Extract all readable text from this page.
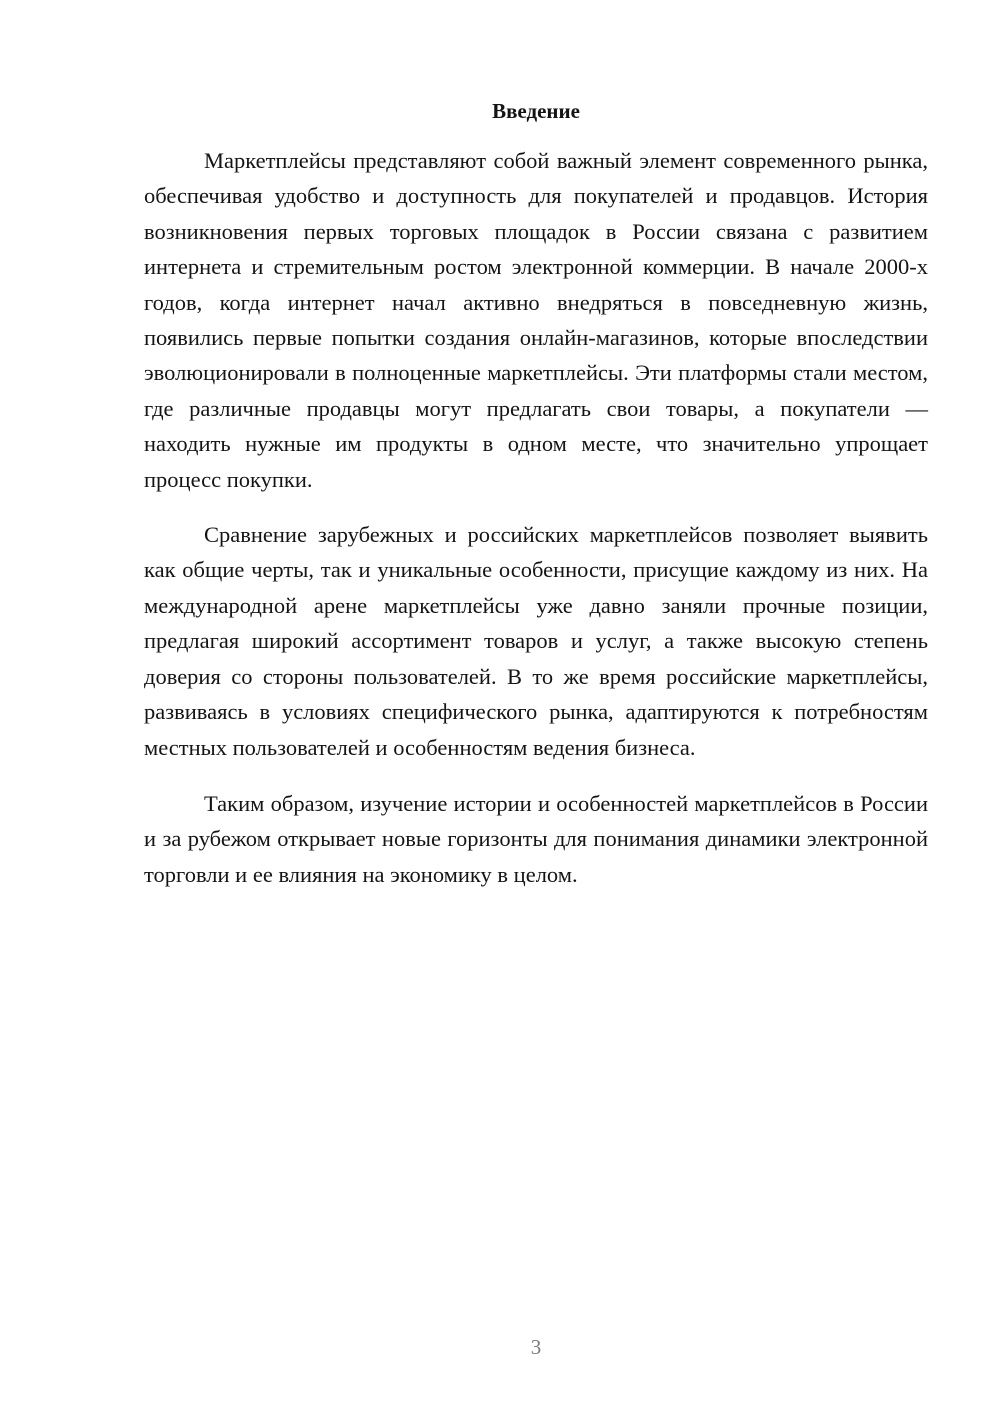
Введение

Маркетплейсы представляют собой важный элемент современного рынка, обеспечивая удобство и доступность для покупателей и продавцов. История возникновения первых торговых площадок в России связана с развитием интернета и стремительным ростом электронной коммерции. В начале 2000-х годов, когда интернет начал активно внедряться в повседневную жизнь, появились первые попытки создания онлайн-магазинов, которые впоследствии эволюционировали в полноценные маркетплейсы. Эти платформы стали местом, где различные продавцы могут предлагать свои товары, а покупатели — находить нужные им продукты в одном месте, что значительно упрощает процесс покупки.

Сравнение зарубежных и российских маркетплейсов позволяет выявить как общие черты, так и уникальные особенности, присущие каждому из них. На международной арене маркетплейсы уже давно заняли прочные позиции, предлагая широкий ассортимент товаров и услуг, а также высокую степень доверия со стороны пользователей. В то же время российские маркетплейсы, развиваясь в условиях специфического рынка, адаптируются к потребностям местных пользователей и особенностям ведения бизнеса.

Таким образом, изучение истории и особенностей маркетплейсов в России и за рубежом открывает новые горизонты для понимания динамики электронной торговли и ее влияния на экономику в целом.

3
